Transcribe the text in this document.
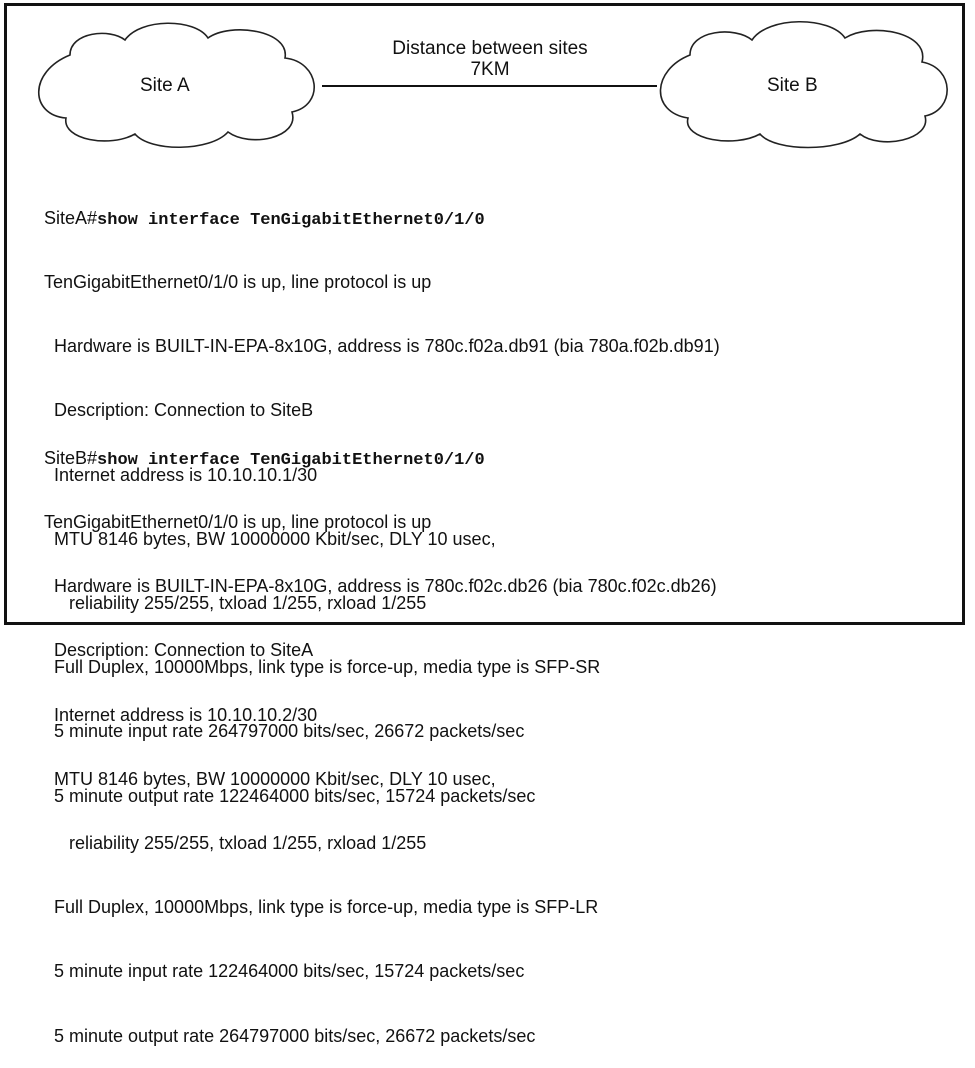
Site A	Site B
Distance between sites
7KM

SiteA#show interface TenGigabitEthernet0/1/0

TenGigabitEthernet0/1/0 is up, line protocol is up

Hardware is BUILT-IN-EPA-8x10G, address is 780c.f02a.db91 (bia 780a.f02b.db91)

Description: Connection to SiteB

Internet address is 10.10.10.1/30

MTU 8146 bytes, BW 10000000 Kbit/sec, DLY 10 usec,

reliability 255/255, txload 1/255, rxload 1/255

Full Duplex, 10000Mbps, link type is force-up, media type is SFP-SR

5 minute input rate 264797000 bits/sec, 26672 packets/sec

5 minute output rate 122464000 bits/sec, 15724 packets/sec

SiteB#show interface TenGigabitEthernet0/1/0

TenGigabitEthernet0/1/0 is up, line protocol is up

Hardware is BUILT-IN-EPA-8x10G, address is 780c.f02c.db26 (bia 780c.f02c.db26)

Description: Connection to SiteA

Internet address is 10.10.10.2/30

MTU 8146 bytes, BW 10000000 Kbit/sec, DLY 10 usec,

reliability 255/255, txload 1/255, rxload 1/255

Full Duplex, 10000Mbps, link type is force-up, media type is SFP-LR

5 minute input rate 122464000 bits/sec, 15724 packets/sec

5 minute output rate 264797000 bits/sec, 26672 packets/sec
